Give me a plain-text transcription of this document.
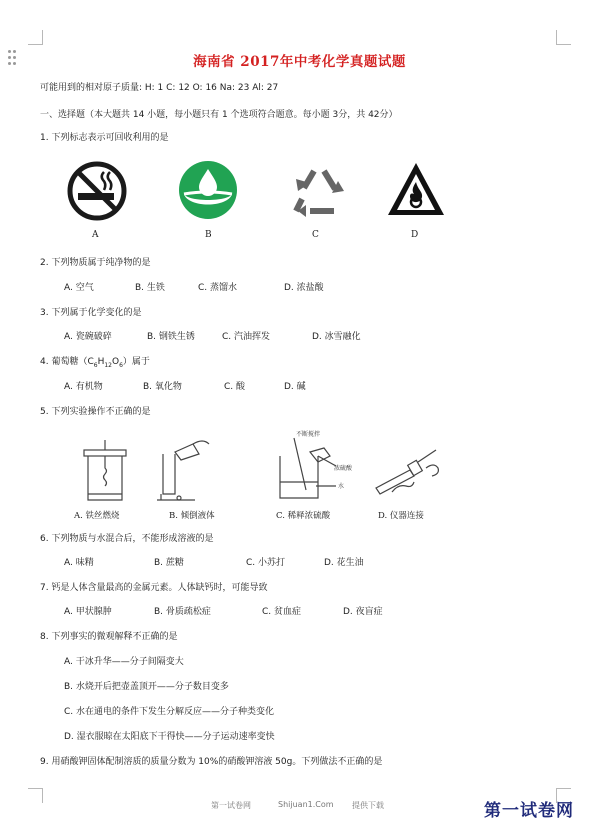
海南省 2017年中考化学真题试题
可能用到的相对原子质量: H: 1 C: 12 O: 16 Na: 23 Al: 27
一、选择题（本大题共 14 小题，每小题只有 1 个选项符合题意。每小题 3分，共 42分）
1. 下列标志表示可回收利用的是
A	B	C	D
2. 下列物质属于纯净物的是
A. 空气	B. 生铁	C. 蒸馏水	D. 浓盐酸
3. 下列属于化学变化的是
A. 瓷碗破碎	B. 钢铁生锈	C. 汽油挥发	D. 冰雪融化
4. 葡萄糖$(C_6H_{12}O_6)$属于
A. 有机物	B. 氧化物	C. 酸	D. 碱
5. 下列实验操作不正确的是
不断搅拌
浓硫酸
水
A. 铁丝燃烧	B. 倾倒液体	C. 稀释浓硫酸	D. 仪器连接
6. 下列物质与水混合后，不能形成溶液的是
A. 味精	B. 蔗糖	C. 小苏打	D. 花生油
7. 钙是人体含量最高的金属元素。人体缺钙时，可能导致
A. 甲状腺肿	B. 骨质疏松症	C. 贫血症	D. 夜盲症
8. 下列事实的微观解释不正确的是
A. 干冰升华——分子间隔变大
B. 水烧开后把壶盖顶开——分子数目变多
C. 水在通电的条件下发生分解反应——分子种类变化
D. 湿衣服晾在太阳底下干得快——分子运动速率变快
9. 用硝酸钾固体配制溶质的质量分数为 10%的硝酸钾溶液 50g。下列做法不正确的是
第一试卷网	Shijuan1.Com 提供下载	第一试卷网
